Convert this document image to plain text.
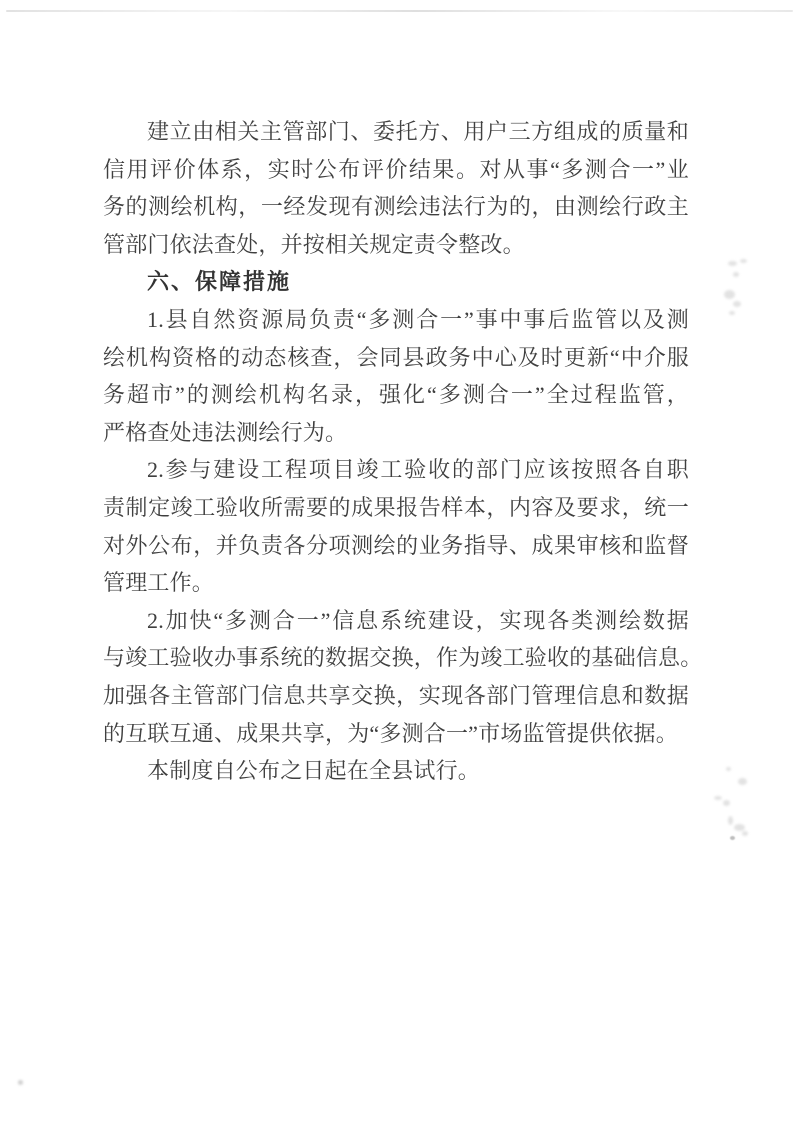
建立由相关主管部门、委托方、用户三方组成的质量和
信用评价体系，实时公布评价结果。对从事“多测合一”业
务的测绘机构，一经发现有测绘违法行为的，由测绘行政主
管部门依法查处，并按相关规定责令整改。
六、保障措施
1.县自然资源局负责“多测合一”事中事后监管以及测
绘机构资格的动态核查，会同县政务中心及时更新“中介服
务超市”的测绘机构名录，强化“多测合一”全过程监管，
严格查处违法测绘行为。
2.参与建设工程项目竣工验收的部门应该按照各自职
责制定竣工验收所需要的成果报告样本，内容及要求，统一
对外公布，并负责各分项测绘的业务指导、成果审核和监督
管理工作。
2.加快“多测合一”信息系统建设，实现各类测绘数据
与竣工验收办事系统的数据交换，作为竣工验收的基础信息。
加强各主管部门信息共享交换，实现各部门管理信息和数据
的互联互通、成果共享，为“多测合一”市场监管提供依据。
本制度自公布之日起在全县试行。
